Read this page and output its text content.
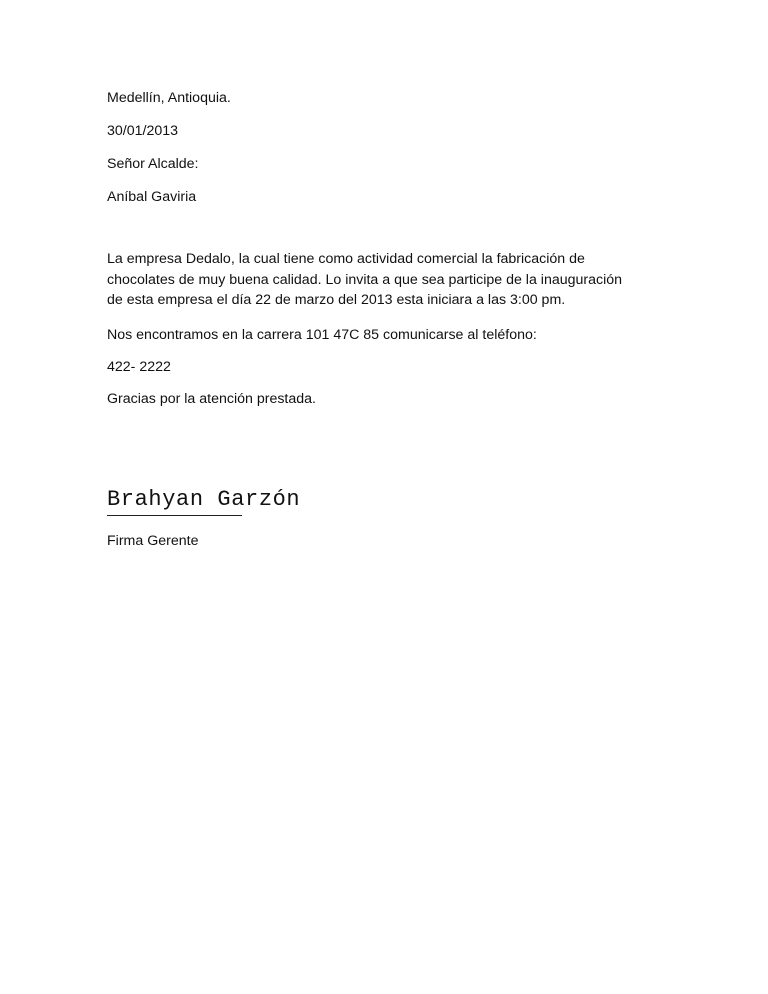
Medellín, Antioquia.

30/01/2013

Señor Alcalde:

Aníbal Gaviria

La empresa Dedalo, la cual tiene como actividad comercial la fabricación de
chocolates de muy buena calidad. Lo invita a que sea participe de la inauguración
de esta empresa el día 22 de marzo del 2013 esta iniciara a las 3:00 pm.

Nos encontramos en la carrera 101 47C 85 comunicarse al teléfono:

422- 2222

Gracias por la atención prestada.

Brahyan Garzón

Firma Gerente
